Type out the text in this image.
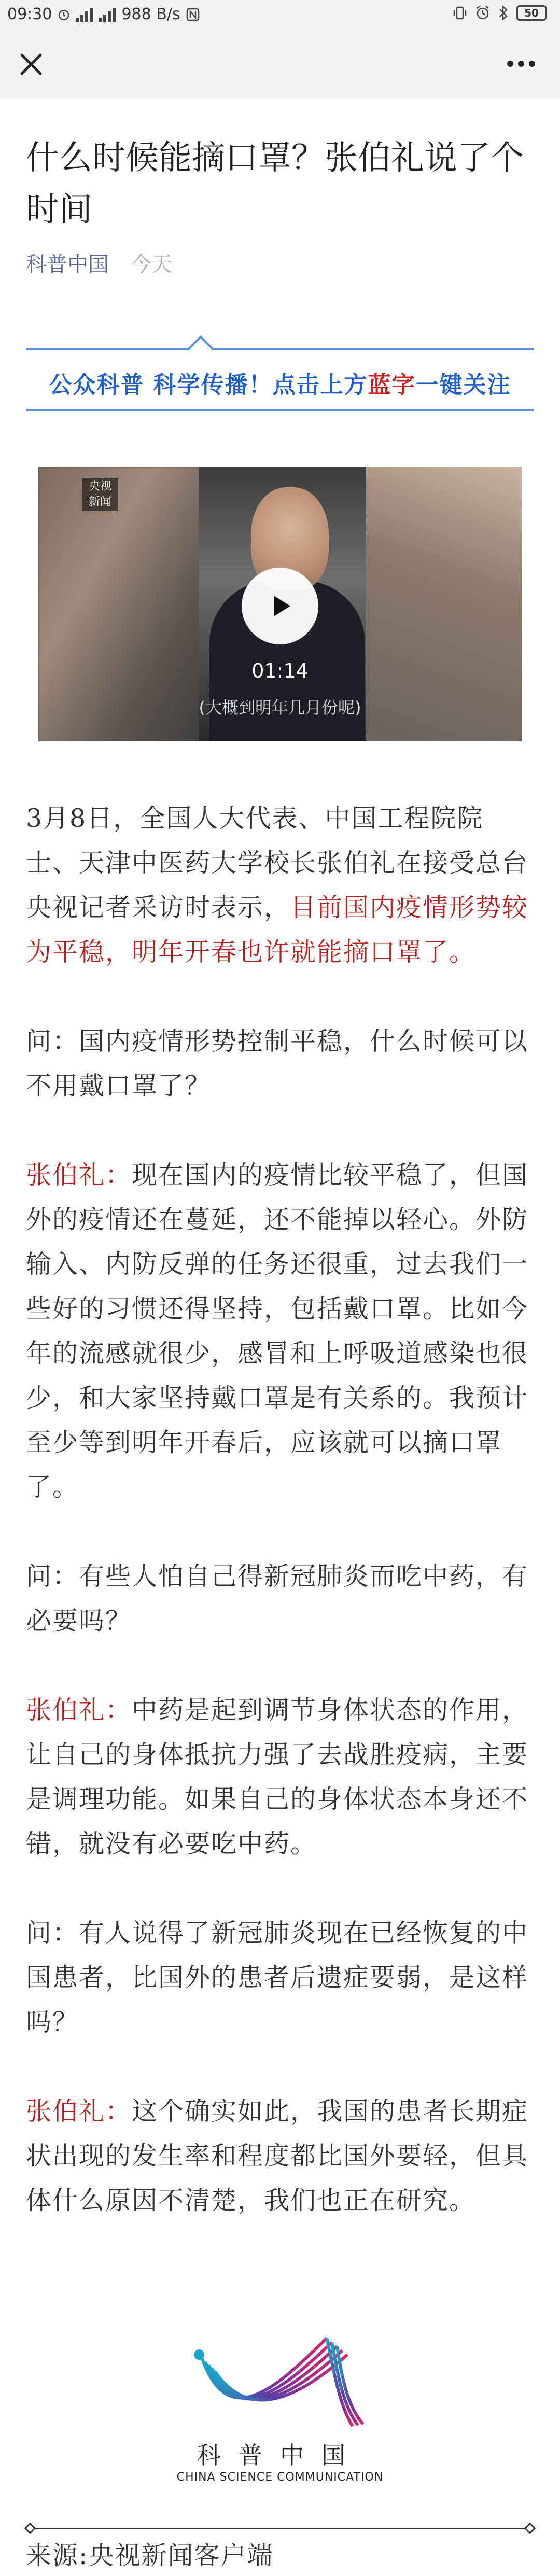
09:30	988 B/s	50
什么时候能摘口罩？张伯礼说了个时间
科普中国 今天
公众科普 科学传播！点击上方蓝字一键关注
央视
新闻
01:14
(大概到明年几月份呢)

3月8日，全国人大代表、中国工程院院士、天津中医药大学校长张伯礼在接受总台央视记者采访时表示，目前国内疫情形势较为平稳，明年开春也许就能摘口罩了。

问：国内疫情形势控制平稳，什么时候可以不用戴口罩了？

张伯礼：现在国内的疫情比较平稳了，但国外的疫情还在蔓延，还不能掉以轻心。外防输入、内防反弹的任务还很重，过去我们一些好的习惯还得坚持，包括戴口罩。比如今年的流感就很少，感冒和上呼吸道感染也很少，和大家坚持戴口罩是有关系的。我预计至少等到明年开春后，应该就可以摘口罩了。

问：有些人怕自己得新冠肺炎而吃中药，有必要吗？

张伯礼：中药是起到调节身体状态的作用，让自己的身体抵抗力强了去战胜疫病，主要是调理功能。如果自己的身体状态本身还不错，就没有必要吃中药。

问：有人说得了新冠肺炎现在已经恢复的中国患者，比国外的患者后遗症要弱，是这样吗？

张伯礼：这个确实如此，我国的患者长期症状出现的发生率和程度都比国外要轻，但具体什么原因不清楚，我们也正在研究。

科普中国
CHINA SCIENCE COMMUNICATION
来源:央视新闻客户端
